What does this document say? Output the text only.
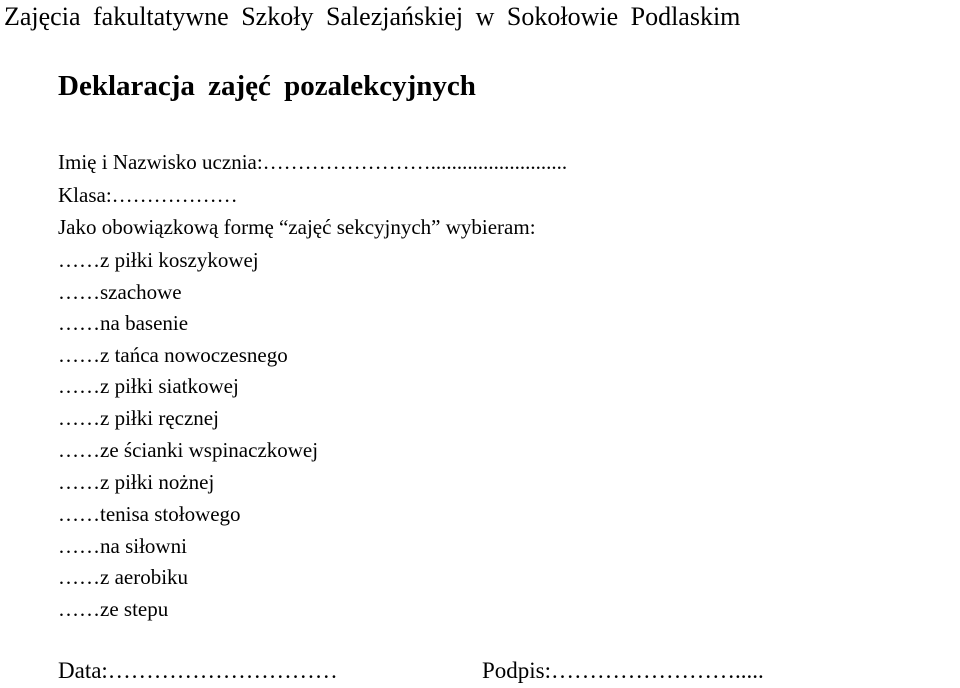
Zajęcia fakultatywne Szkoły Salezjańskiej w Sokołowie Podlaskim
Deklaracja zajęć pozalekcyjnych
Imię i Nazwisko ucznia:……………………..........................
Klasa:………………
Jako obowiązkową formę “zajęć sekcyjnych” wybieram:
……z piłki koszykowej
……szachowe
……na basenie
……z tańca nowoczesnego
……z piłki siatkowej
……z piłki ręcznej
……ze ścianki wspinaczkowej
……z piłki nożnej
……tenisa stołowego
……na siłowni
……z aerobiku
……ze stepu
Data:…………………………	Podpis:…………………….....
